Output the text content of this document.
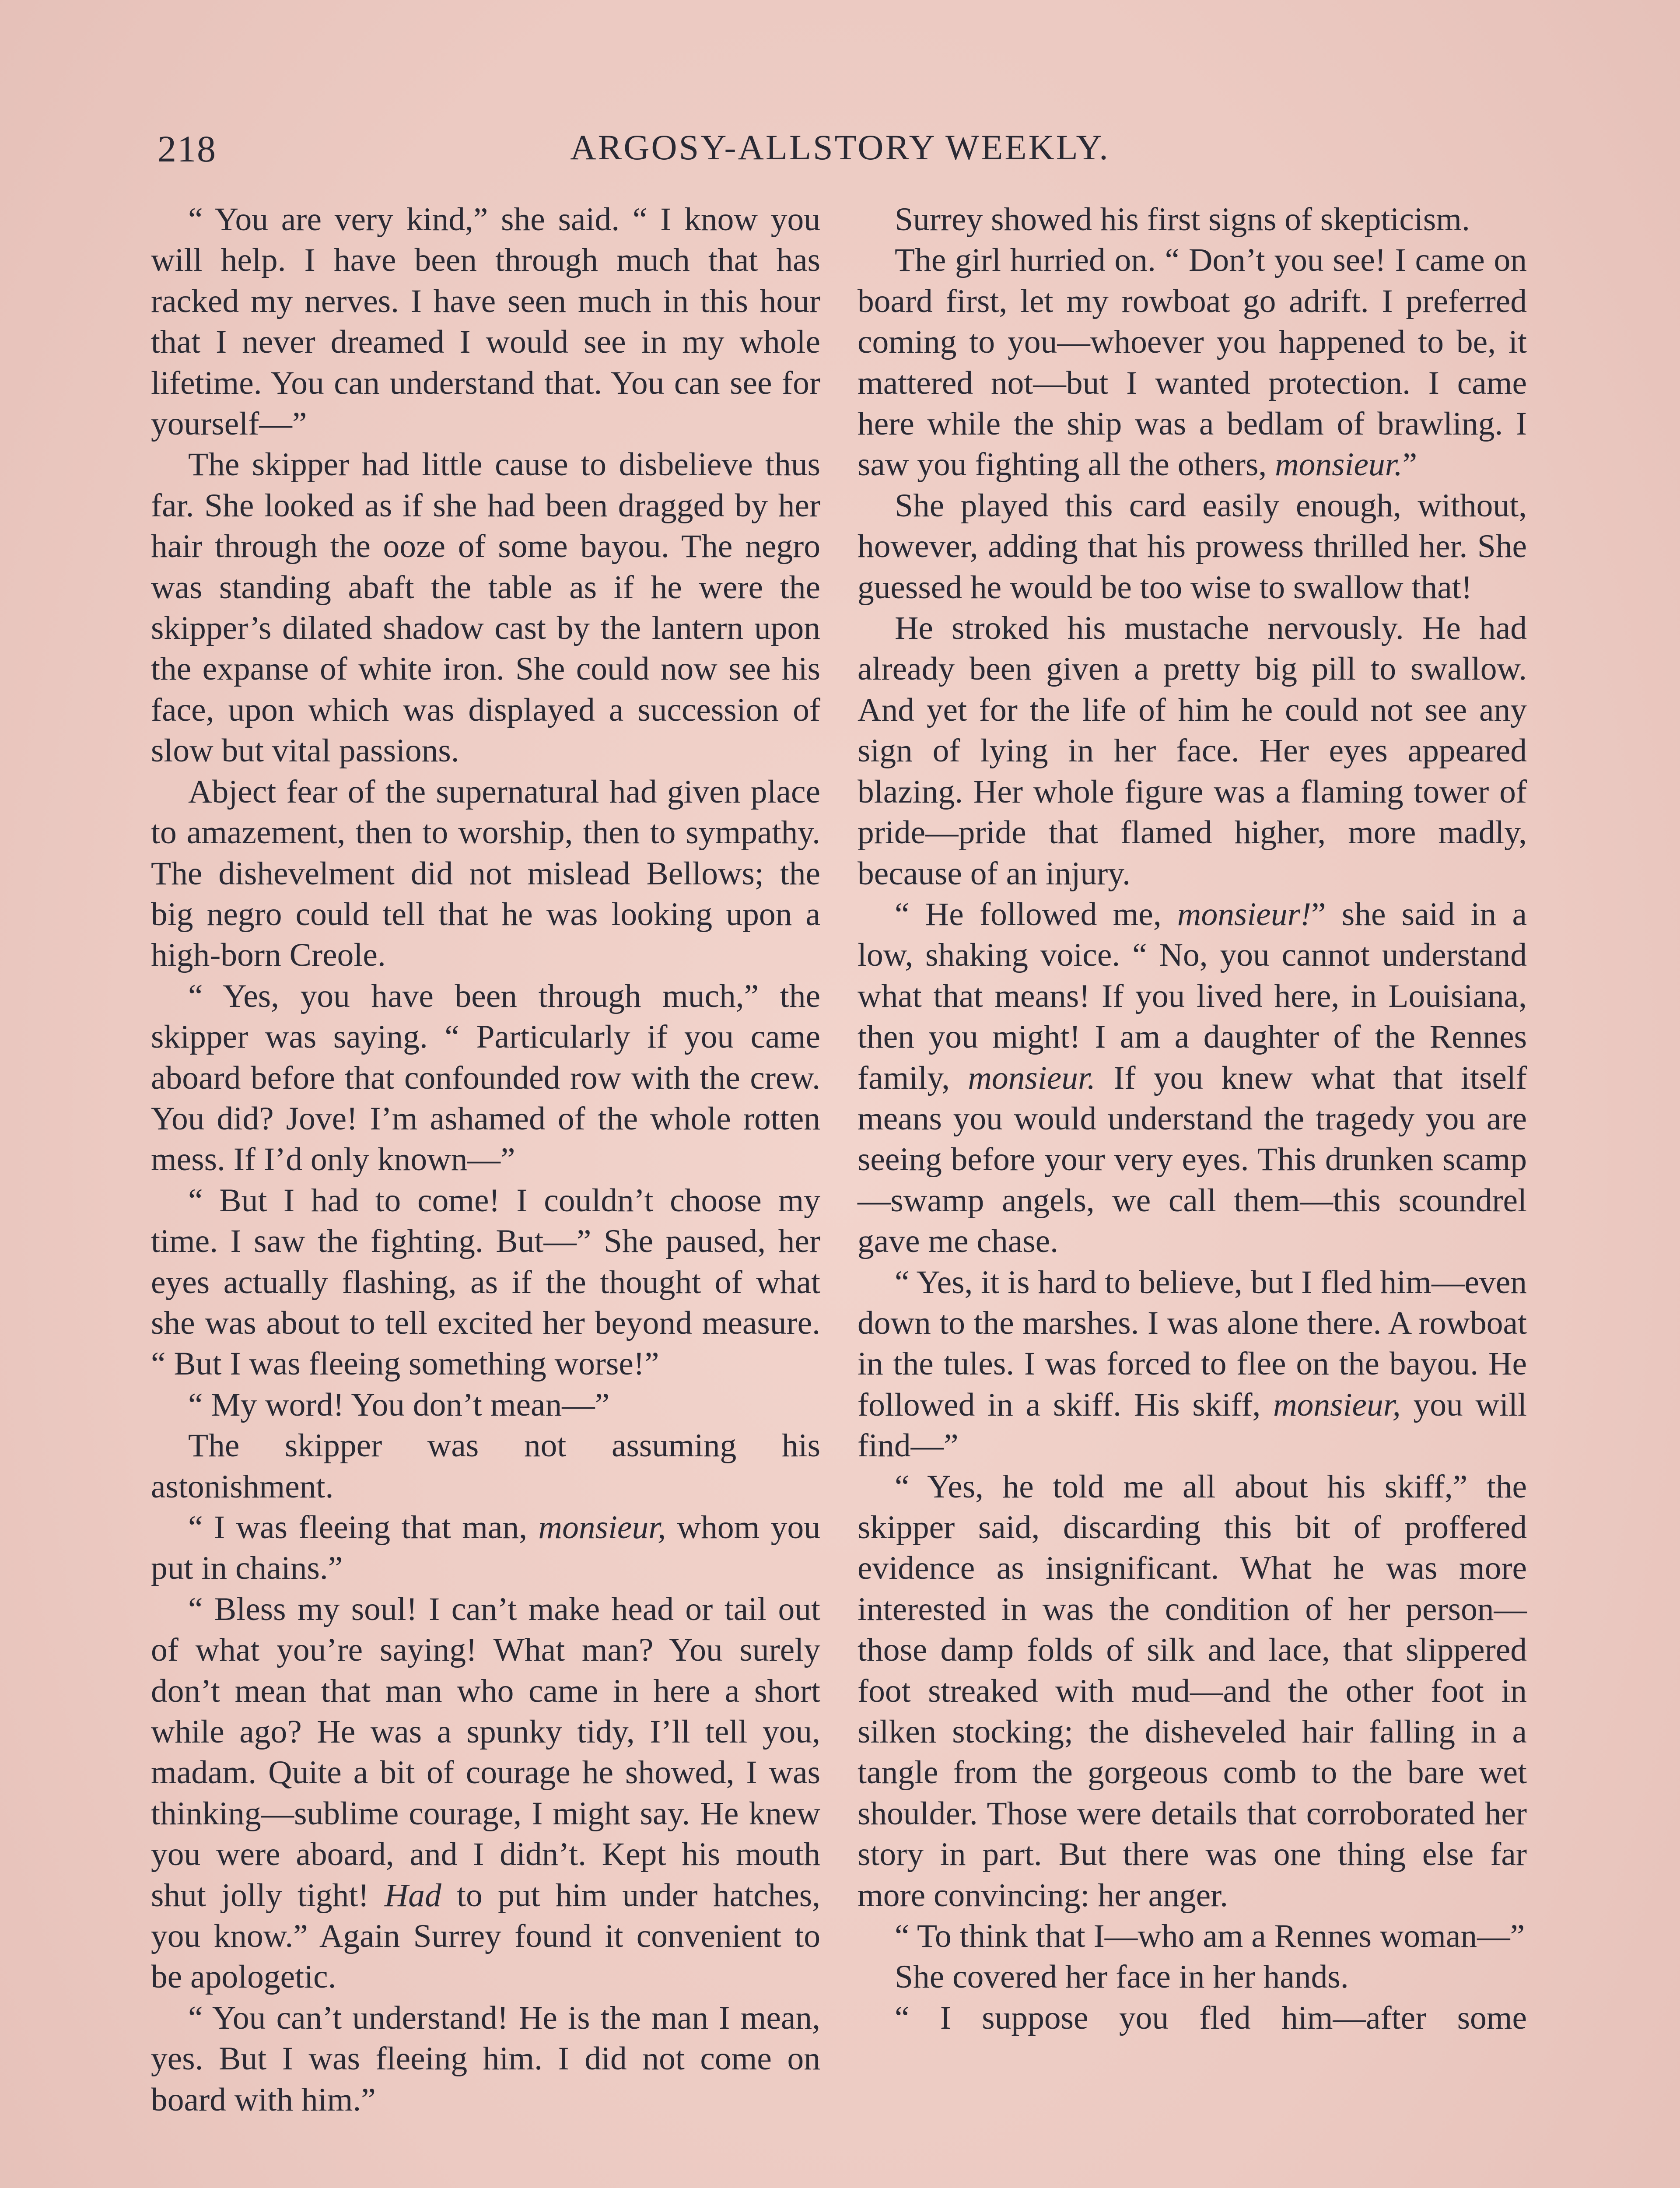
218	ARGOSY-ALLSTORY WEEKLY.

“ You are very kind,” she said. “ I know you will help. I have been through much that has racked my nerves. I have seen much in this hour that I never dreamed I would see in my whole lifetime. You can understand that. You can see for yourself—”

The skipper had little cause to disbelieve thus far. She looked as if she had been dragged by her hair through the ooze of some bayou. The negro was standing abaft the table as if he were the skipper’s dilated shadow cast by the lantern upon the expanse of white iron. She could now see his face, upon which was displayed a succession of slow but vital passions.

Abject fear of the supernatural had given place to amazement, then to worship, then to sympathy. The dishevelment did not mislead Bellows; the big negro could tell that he was looking upon a high-born Creole.

“ Yes, you have been through much,” the skipper was saying. “ Particularly if you came aboard before that confounded row with the crew. You did? Jove! I’m ashamed of the whole rotten mess. If I’d only known—”

“ But I had to come! I couldn’t choose my time. I saw the fighting. But—” She paused, her eyes actually flashing, as if the thought of what she was about to tell excited her beyond measure. “ But I was fleeing something worse!”

“ My word! You don’t mean—”

The skipper was not assuming his astonishment.

“ I was fleeing that man, monsieur, whom you put in chains.”

“ Bless my soul! I can’t make head or tail out of what you’re saying! What man? You surely don’t mean that man who came in here a short while ago? He was a spunky tidy, I’ll tell you, madam. Quite a bit of courage he showed, I was thinking—sublime courage, I might say. He knew you were aboard, and I didn’t. Kept his mouth shut jolly tight! Had to put him under hatches, you know.” Again Surrey found it convenient to be apologetic.

“ You can’t understand! He is the man I mean, yes. But I was fleeing him. I did not come on board with him.”

Surrey showed his first signs of skepticism.

The girl hurried on. “ Don’t you see! I came on board first, let my rowboat go adrift. I preferred coming to you—whoever you happened to be, it mattered not—but I wanted protection. I came here while the ship was a bedlam of brawling. I saw you fighting all the others, monsieur.”

She played this card easily enough, without, however, adding that his prowess thrilled her. She guessed he would be too wise to swallow that!

He stroked his mustache nervously. He had already been given a pretty big pill to swallow. And yet for the life of him he could not see any sign of lying in her face. Her eyes appeared blazing. Her whole figure was a flaming tower of pride—pride that flamed higher, more madly, because of an injury.

“ He followed me, monsieur!” she said in a low, shaking voice. “ No, you cannot understand what that means! If you lived here, in Louisiana, then you might! I am a daughter of the Rennes family, monsieur. If you knew what that itself means you would understand the tragedy you are seeing before your very eyes. This drunken scamp—swamp angels, we call them—this scoundrel gave me chase.

“ Yes, it is hard to believe, but I fled him—even down to the marshes. I was alone there. A rowboat in the tules. I was forced to flee on the bayou. He followed in a skiff. His skiff, monsieur, you will find—”

“ Yes, he told me all about his skiff,” the skipper said, discarding this bit of proffered evidence as insignificant. What he was more interested in was the condition of her person—those damp folds of silk and lace, that slippered foot streaked with mud—and the other foot in silken stocking; the disheveled hair falling in a tangle from the gorgeous comb to the bare wet shoulder. Those were details that corroborated her story in part. But there was one thing else far more convincing: her anger.

“ To think that I—who am a Rennes woman—”

She covered her face in her hands.

“ I suppose you fled him—after some
